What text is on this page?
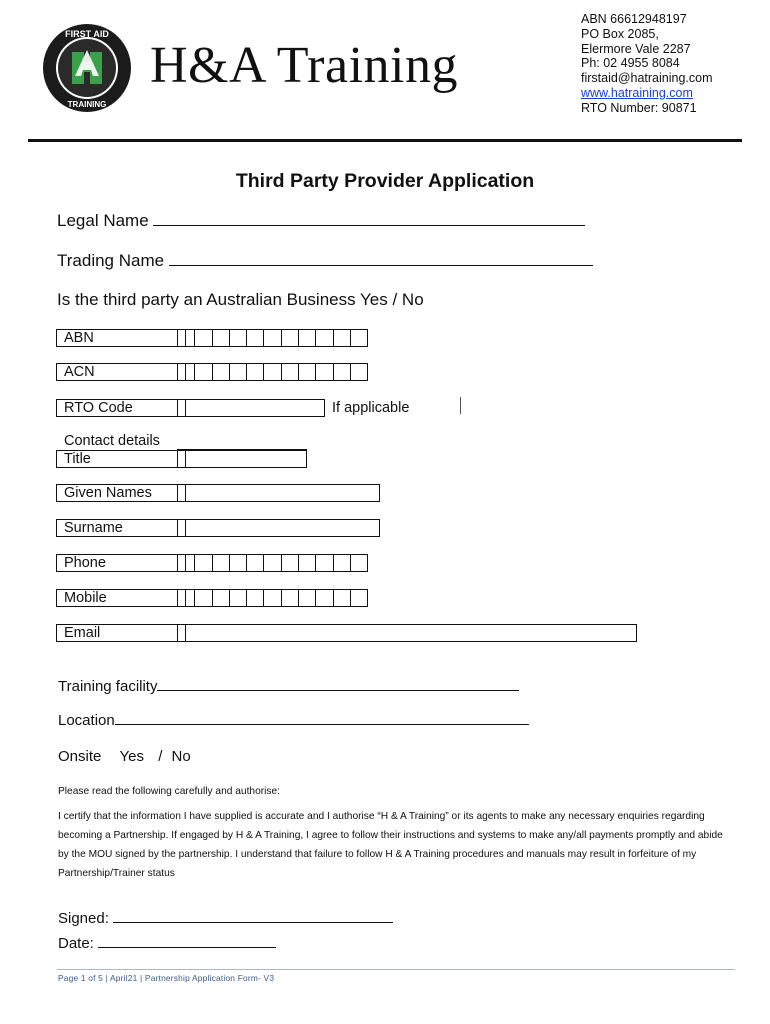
FIRST AID
TRAINING
H&A Training
ABN 66612948197
PO Box 2085,
Elermore Vale 2287
Ph: 02 4955 8084
firstaid@hatraining.com
www.hatraining.com
RTO Number: 90871
Third Party Provider Application
Legal Name
Trading Name
Is the third party an Australian Business Yes / No
ABN
ACN
RTO Code	If applicable
Contact details
Title
Given Names
Surname
Phone
Mobile
Email
Training facility
Location
Onsite Yes / No
Please read the following carefully and authorise:
I certify that the information I have supplied is accurate and I authorise “H & A Training” or its agents to make any necessary enquiries regarding becoming a Partnership. If engaged by H & A Training, I agree to follow their instructions and systems to make any/all payments promptly and abide by the MOU signed by the partnership. I understand that failure to follow H & A Training procedures and manuals may result in forfeiture of my Partnership/Trainer status
Signed:
Date:
Page 1 of 5 | April21 | Partnership Application Form- V3
